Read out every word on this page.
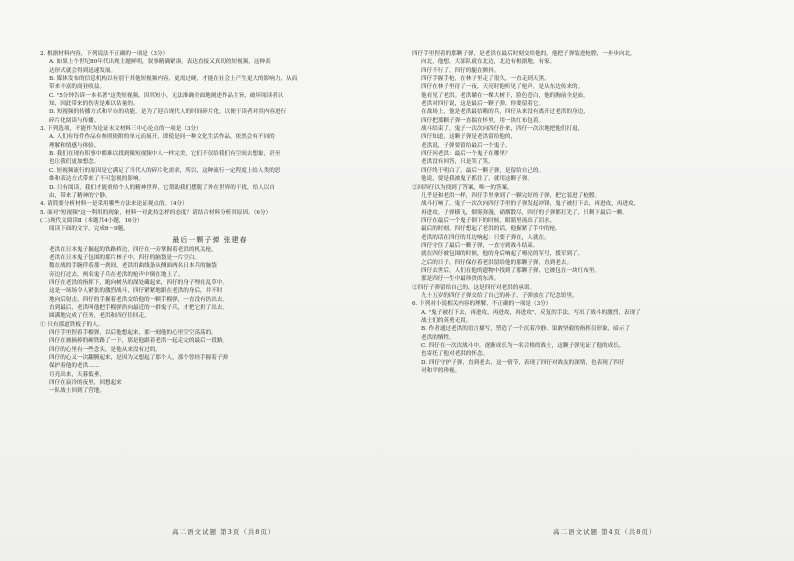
2. 根据材料内容，下列说法不正确的一项是（3分）
A. 如果上个世纪80年代出现主题鲜明，叙事精确紧凑，表达直接又真切的短视频，这种表
达形式就会得到迅速发展。
B. 媒体发布的信息机构以有别于其他短视频内容，更需过硬，才能在社会上产生更大的影响力，从而
带来丰富的商业收益。
C. "5分钟告诉一本名著"这类短视频，因其短小，无法准确全面地阐述作品主旨，破坏阅读者认
知，因此带来的伤害是难以估量的。
D. 短视频的传播方式和平台的功能，是为了迎合现代人的时间碎片化，以便于读者对其内容进行
碎片化阅读与传播。
3. 下列选项，不能作为论证末文材料三中心论点的一项是（3分）
A. 人们有每件作品有参照依附的单元而展开，即使是同一种文化生活作品，依然会有不同的
理解和情感与体验。
B. 我们在现有积事中都难以找到像短视频中人一样完美，它们不仅给我们有空间去想象，甚至
也让我们更加想念。
C. 短视频流行的原因是它满足了当代人的碎片化需求，所以，这种流行一定程度上给人类的思
维和表达方式带来了不可忽视的影响。
D. 只有阅读，我们才能重拾个人的精神世界，它帮助我们摆脱了外在世界的干扰，给人以自
由，带来了精神的宁静。
4. 请简要分析材料一是采用哪些方法来论证观点的。（4分）
5. 面对"短视频"这一利用的现象，材料一对此持怎样的态度？请结合材料分析其原因。（6分）
(二)现代文阅读Ⅱ（本题共4小题，16分）
阅读下面的文字，完成6～9题。
最后一颗子弹 张建春
老洪在日本鬼子掘起的铁路桥边，四仔在一旁掌握着老洪的机关枪，
老洪在日本鬼子包围的那片林子中。四仔的脑袋是一片空白。
数在战的手腕伴着那一刹间，老洪用曲线条从侧面两名日本兵的脑袋
旁边打过去，两名鬼子兵在老洪的枪声中倒在地上了。
四仔在老洪的指挥下，跑向树丛的深处藏起来，四仔的身子埋在乱草中。
这是一场场令人紧张的激烈战斗，四仔紧紧地跟在老洪的身后，并不时
地向后射击。四仔的手握着老洪交给他的一颗手榴弹，一直没有扔出去。
直到最后，老洪叫他把手榴弹扔向最近的一群鬼子兵，才把它扔了出去。
圆满地完成了任务，老洪和四仔往回走，
① 只有那道铁板子的人。
四仔手里捏着手榴弹，以后他想起来，那一刻他的心里空空荡荡的。
四仔在被摘掉的硬铁路了一下，那是他跟着老洪一起走完的最后一段路。
四仔的心里有一些念头，是他从来没有过的。
四仔的心又一次翻腾起来，是因为又想起了那个人，那个曾经手握着子弹
保护着他的老洪……
月亮出来，天暮低垂，
四仔在寂冷的夜里，回想起来
一队战士回到了营地。
四仔手里捏着的那颗子弹，是老洪在最后时刻交给他的。他把子弹装进枪膛，一步步向北，
向北，他想，大部队就在北边，北边有根据地，有家。
四仔不行了，四仔的腿在颤抖。
四仔手握手枪，在林子里走了很久，一直走到天黑。
四仔在林子里待了一夜，天亮时他听见了枪声，是从东边传来的。
他看见了老洪。老洪躺在一棵大树下，脸色苍白，他的胸前全是血。
老洪对四仔说，这是最后一颗子弹，你要留着它。
在战场上，他是老洪最信赖的兵，四仔从来没有离开过老洪的身边，
四仔把那颗子弹一直揣在怀里，用一块红布包着。
战斗结束了，鬼子一次次向四仔扑来，四仔一次次地把他们打退，
四仔知道，这颗子弹是老洪留给他的，
老洪说，子弹要留给最后一个鬼子。
四仔问老洪：最后一个鬼子在哪里？
老洪没有回答，只是笑了笑。
四仔终于明白了，最后一颗子弹，是留给自己的。
他说，要是我被鬼子抓住了，就用这颗子弹。
②回四仔以为找到了答案，唯一的答案。
几乎是和老洪一样，四仔手里拿到了一颗完好的子弹，把它装进了枪膛。
战斗打响了，鬼子一次次向四仔手里的子弹发起冲锋，鬼子被打下去，再进攻，再进攻，
再进攻。子弹横飞，烟雾弥漫，硝烟散尽，四仔的子弹都打光了，只剩下最后一颗。
四仔在最后一个鬼子倒下的时候，眼睛里流出了泪水。
最后的时刻，四仔想起了老洪的话，他握紧了手中的枪。
老洪的话在四仔的耳边响起：只要子弹在，人就在。
四仔守住了最后一颗子弹，一直守到战斗结束。
就在四仔被包围的时候，他的身后响起了嘹亮的军号，援军到了。
之后的日子，四仔保存着老洪留给他的那颗子弹，直到老去。
四仔去世后，人们在他的遗物中找到了那颗子弹，它被包在一块红布里。
那是四仔一生中最珍贵的东西。
②四仔子弹留给自己的，这是四仔对老洪的承诺。
九十五岁的四仔子弹交给了自己的孙子，子弹放在了纪念馆里。
6. 下列对小说相关内容的理解，不正确的一项是（3分）
A. "鬼子被打下去，再进攻，再进攻，再进攻"，反复的手法，写出了战斗的激烈，表现了
战士们的英勇无畏。
B. 作者通过老洪的语言描写，塑造了一个沉着冷静、果敢坚毅的指挥员形象，暗示了
老洪的牺牲。
C. 四仔在一次次战斗中，逐渐成长为一名合格的战士，这颗子弹见证了他的成长，
也寄托了他对老洪的怀念。
D. 四仔守护子弹，直到老去，这一情节，表现了四仔对战友的深情，也表现了四仔
对和平的珍视。
高二语文试题 第3页（共8页）	高二语文试题 第4页（共8页）
